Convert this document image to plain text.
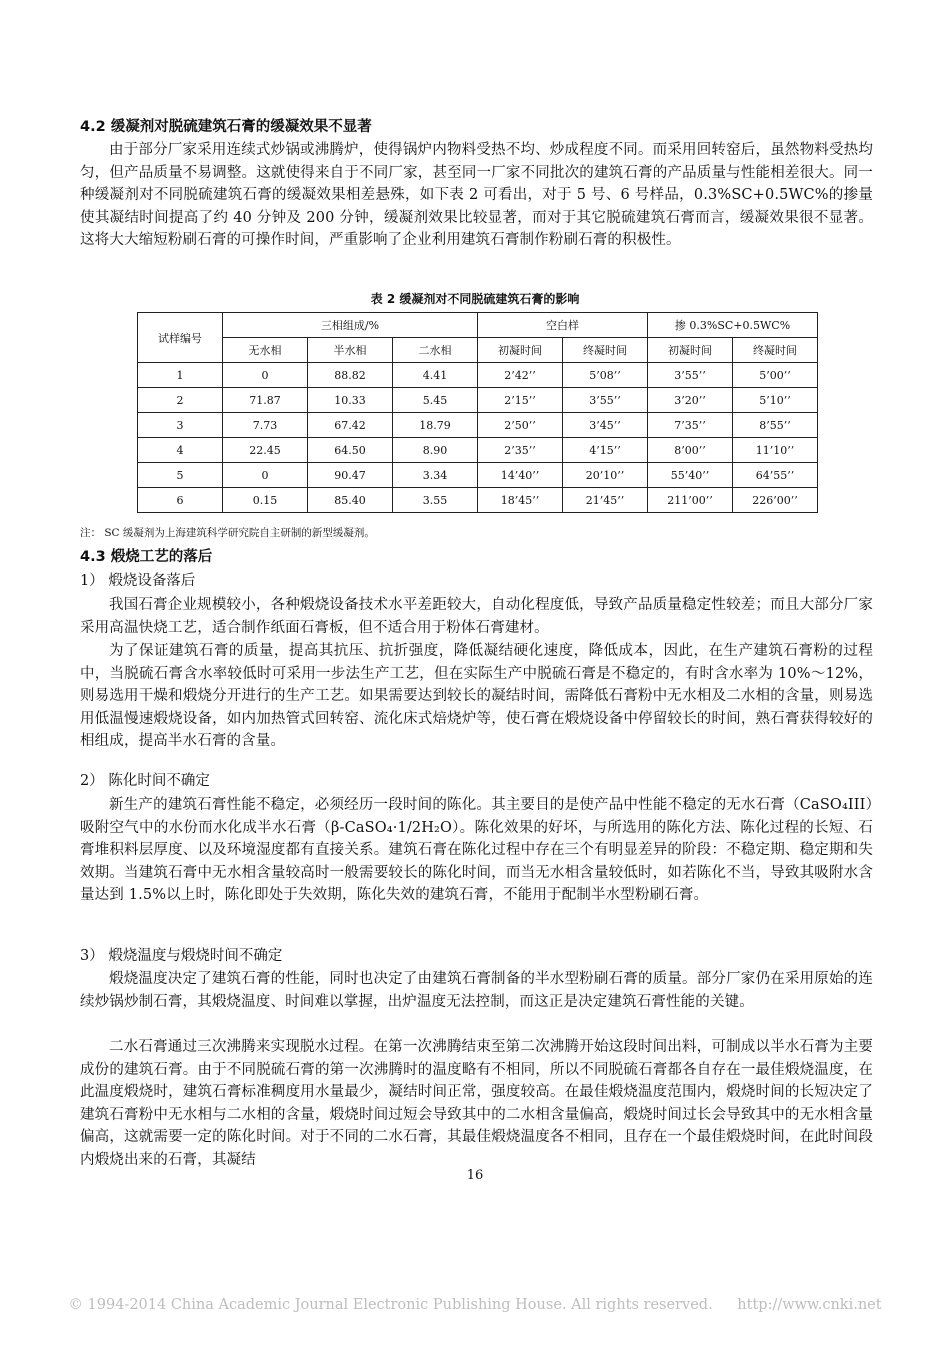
4.2 缓凝剂对脱硫建筑石膏的缓凝效果不显著

由于部分厂家采用连续式炒锅或沸腾炉，使得锅炉内物料受热不均、炒成程度不同。而采用回转窑后，虽然物料受热均匀，但产品质量不易调整。这就使得来自于不同厂家，甚至同一厂家不同批次的建筑石膏的产品质量与性能相差很大。同一种缓凝剂对不同脱硫建筑石膏的缓凝效果相差悬殊，如下表 2 可看出，对于 5 号、6 号样品，0.3%SC+0.5WC%的掺量使其凝结时间提高了约 40 分钟及 200 分钟，缓凝剂效果比较显著，而对于其它脱硫建筑石膏而言，缓凝效果很不显著。这将大大缩短粉刷石膏的可操作时间，严重影响了企业利用建筑石膏制作粉刷石膏的积极性。

表 2 缓凝剂对不同脱硫建筑石膏的影响
试样编号	三相组成/%			空白样		掺 0.3%SC+0.5WC%	
	无水相	半水相	二水相	初凝时间	终凝时间	初凝时间	终凝时间
1	0	88.82	4.41	2’42’’	5’08’’	3’55’’	5’00’’
2	71.87	10.33	5.45	2’15’’	3’55’’	3’20’’	5’10’’
3	7.73	67.42	18.79	2’50’’	3’45’’	7’35’’	8’55’’
4	22.45	64.50	8.90	2’35’’	4’15’’	8’00’’	11’10’’
5	0	90.47	3.34	14’40’’	20’10’’	55’40’’	64’55’’
6	0.15	85.40	3.55	18’45’’	21’45’’	211’00’’	226’00’’
注： SC 缓凝剂为上海建筑科学研究院自主研制的新型缓凝剂。
4.3 煅烧工艺的落后
1） 煅烧设备落后

我国石膏企业规模较小，各种煅烧设备技术水平差距较大，自动化程度低，导致产品质量稳定性较差；而且大部分厂家采用高温快烧工艺，适合制作纸面石膏板，但不适合用于粉体石膏建材。

为了保证建筑石膏的质量，提高其抗压、抗折强度，降低凝结硬化速度，降低成本，因此，在生产建筑石膏粉的过程中，当脱硫石膏含水率较低时可采用一步法生产工艺，但在实际生产中脱硫石膏是不稳定的，有时含水率为 10%～12%，则易选用干燥和煅烧分开进行的生产工艺。如果需要达到较长的凝结时间，需降低石膏粉中无水相及二水相的含量，则易选用低温慢速煅烧设备，如内加热管式回转窑、流化床式焙烧炉等，使石膏在煅烧设备中停留较长的时间，熟石膏获得较好的相组成，提高半水石膏的含量。

2） 陈化时间不确定

新生产的建筑石膏性能不稳定，必须经历一段时间的陈化。其主要目的是使产品中性能不稳定的无水石膏（CaSO₄III）吸附空气中的水份而水化成半水石膏（β-CaSO₄·1/2H₂O）。陈化效果的好坏，与所选用的陈化方法、陈化过程的长短、石膏堆积料层厚度、以及环境湿度都有直接关系。建筑石膏在陈化过程中存在三个有明显差异的阶段：不稳定期、稳定期和失效期。当建筑石膏中无水相含量较高时一般需要较长的陈化时间，而当无水相含量较低时，如若陈化不当，导致其吸附水含量达到 1.5%以上时，陈化即处于失效期，陈化失效的建筑石膏，不能用于配制半水型粉刷石膏。

3） 煅烧温度与煅烧时间不确定

煅烧温度决定了建筑石膏的性能，同时也决定了由建筑石膏制备的半水型粉刷石膏的质量。部分厂家仍在采用原始的连续炒锅炒制石膏，其煅烧温度、时间难以掌握，出炉温度无法控制，而这正是决定建筑石膏性能的关键。

二水石膏通过三次沸腾来实现脱水过程。在第一次沸腾结束至第二次沸腾开始这段时间出料，可制成以半水石膏为主要成份的建筑石膏。由于不同脱硫石膏的第一次沸腾时的温度略有不相同，所以不同脱硫石膏都各自存在一最佳煅烧温度，在此温度煅烧时，建筑石膏标准稠度用水量最少，凝结时间正常，强度较高。在最佳煅烧温度范围内，煅烧时间的长短决定了建筑石膏粉中无水相与二水相的含量，煅烧时间过短会导致其中的二水相含量偏高，煅烧时间过长会导致其中的无水相含量偏高，这就需要一定的陈化时间。对于不同的二水石膏，其最佳煅烧温度各不相同，且存在一个最佳煅烧时间，在此时间段内煅烧出来的石膏，其凝结

16
© 1994-2014 China Academic Journal Electronic Publishing House. All rights reserved. http://www.cnki.net
